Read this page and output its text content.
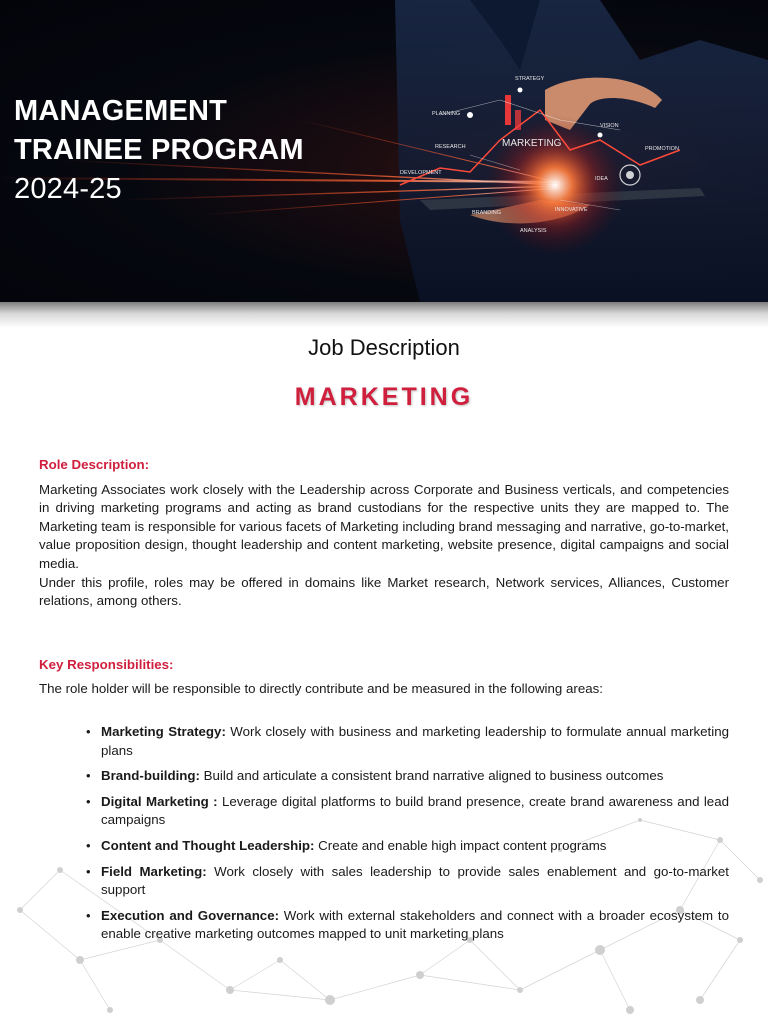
STRATEGY
PLANNING
RESEARCH
DEVELOPMENT
MARKETING
VISION
PROMOTION
IDEA
BRANDING	INNOVATIVE
ANALYSIS
MANAGEMENT
TRAINEE PROGRAM
2024-25
Job Description
MARKETING

Role Description:

Marketing Associates work closely with the Leadership across Corporate and Business verticals, and competencies in driving marketing programs and acting as brand custodians for the respective units they are mapped to. The Marketing team is responsible for various facets of Marketing including brand messaging and narrative, go-to-market, value proposition design, thought leadership and content marketing, website presence, digital campaigns and social media.

Under this profile, roles may be offered in domains like Market research, Network services, Alliances, Customer relations, among others.

Key Responsibilities:

The role holder will be responsible to directly contribute and be measured in the following areas:

• Marketing Strategy: Work closely with business and marketing leadership to formulate annual marketing plans
• Brand-building: Build and articulate a consistent brand narrative aligned to business outcomes
• Digital Marketing : Leverage digital platforms to build brand presence, create brand awareness and lead campaigns
• Content and Thought Leadership: Create and enable high impact content programs
• Field Marketing: Work closely with sales leadership to provide sales enablement and go-to-market support
• Execution and Governance: Work with external stakeholders and connect with a broader ecosystem to enable creative marketing outcomes mapped to unit marketing plans
